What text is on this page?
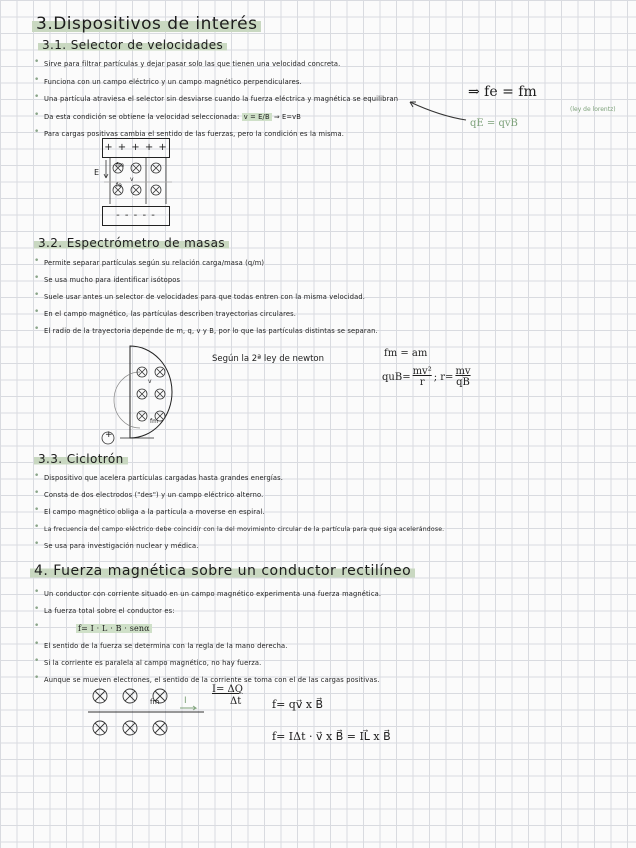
3.Dispositivos de interés
3.1. Selector de velocidades
• Sirve para filtrar partículas y dejar pasar solo las que tienen una velocidad concreta.
• Funciona con un campo eléctrico y un campo magnético perpendiculares.
• Una partícula atraviesa el selector sin desviarse cuando la fuerza eléctrica y magnética se equilibran
• Da esta condición se obtiene la velocidad seleccionada: v = E/B ⇒ E=vB
• Para cargas positivas cambia el sentido de las fuerzas, pero la condición es la misma.
⇒ fe = fm
(ley de lorentz)
qE = qvB
+ + + + +
- - - - -
E
fm
fe
v
3.2. Espectrómetro de masas
• Permite separar partículas según su relación carga/masa (q/m)
• Se usa mucho para identificar isótopos
• Suele usar antes un selector de velocidades para que todas entren con la misma velocidad.
• En el campo magnético, las partículas describen trayectorias circulares.
• El radio de la trayectoria depende de m, q, v y B, por lo que las partículas distintas se separan.
+
fm
v
Según la 2ª ley de newton	fm = am
$quB= \frac{\text{mv²}}{r}$ ; $r= \frac{mv}{qB}$
3.3. Ciclotrón
• Dispositivo que acelera partículas cargadas hasta grandes energías.
• Consta de dos electrodos ("des") y un campo eléctrico alterno.
• El campo magnético obliga a la partícula a moverse en espiral.
• La frecuencia del campo eléctrico debe coincidir con la del movimiento circular de la partícula para que siga acelerándose.
• Se usa para investigación nuclear y médica.
4. Fuerza magnética sobre un conductor rectilíneo
• Un conductor con corriente situado en un campo magnético experimenta una fuerza magnética.
• La fuerza total sobre el conductor es:
• f= I · L · B · senα
• El sentido de la fuerza se determina con la regla de la mano derecha.
• Si la corriente es paralela al campo magnético, no hay fuerza.
• Aunque se mueven electrones, el sentido de la corriente se toma con el de las cargas positivas.
fm	I
I= ΔQ
Δt	f= qv⃗ x B⃗
f= IΔt · v⃗ x B⃗ = IL⃗ x B⃗
